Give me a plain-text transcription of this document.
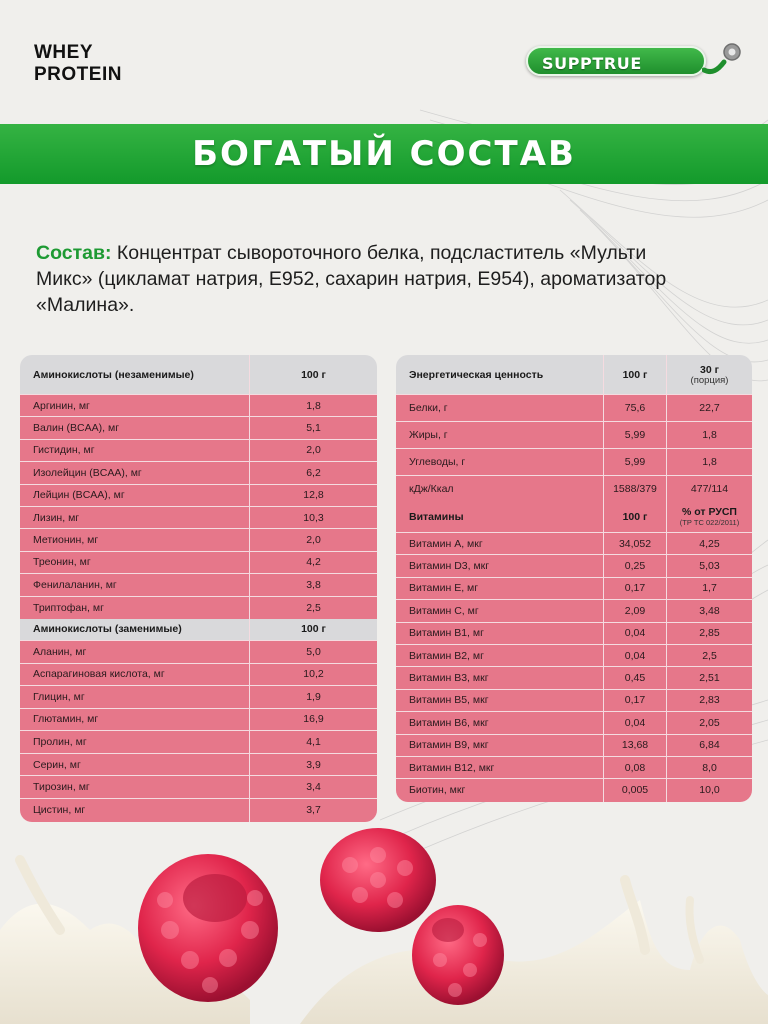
WHEY
PROTEIN
SUPPTRUE
БОГАТЫЙ СОСТАВ
Состав: Концентрат сывороточного белка, подсластитель «Мульти Микс» (цикламат натрия, E952, сахарин натрия, E954), ароматизатор «Малина».
Аминокислоты (незаменимые)	100 г
Аргинин, мг	1,8
Валин (BCAA), мг	5,1
Гистидин, мг	2,0
Изолейцин (BCAA), мг	6,2
Лейцин (BCAA), мг	12,8
Лизин, мг	10,3
Метионин, мг	2,0
Треонин, мг	4,2
Фенилаланин, мг	3,8
Триптофан, мг	2,5
Аминокислоты (заменимые)	100 г
Аланин, мг	5,0
Аспарагиновая кислота, мг	10,2
Глицин, мг	1,9
Глютамин, мг	16,9
Пролин, мг	4,1
Серин, мг	3,9
Тирозин, мг	3,4
Цистин, мг	3,7
Энергетическая ценность	100 г	30 г
(порция)
Белки, г	75,6	22,7
Жиры, г	5,99	1,8
Углеводы, г	5,99	1,8
кДж/Ккал	1588/379	477/114
Витамины	100 г	% от РУСП
(ТР ТС 022/2011)
Витамин А, мкг	34,052	4,25
Витамин D3, мкг	0,25	5,03
Витамин Е, мг	0,17	1,7
Витамин С, мг	2,09	3,48
Витамин В1, мг	0,04	2,85
Витамин В2, мг	0,04	2,5
Витамин В3, мкг	0,45	2,51
Витамин В5, мкг	0,17	2,83
Витамин В6, мкг	0,04	2,05
Витамин В9, мкг	13,68	6,84
Витамин В12, мкг	0,08	8,0
Биотин, мкг	0,005	10,0
